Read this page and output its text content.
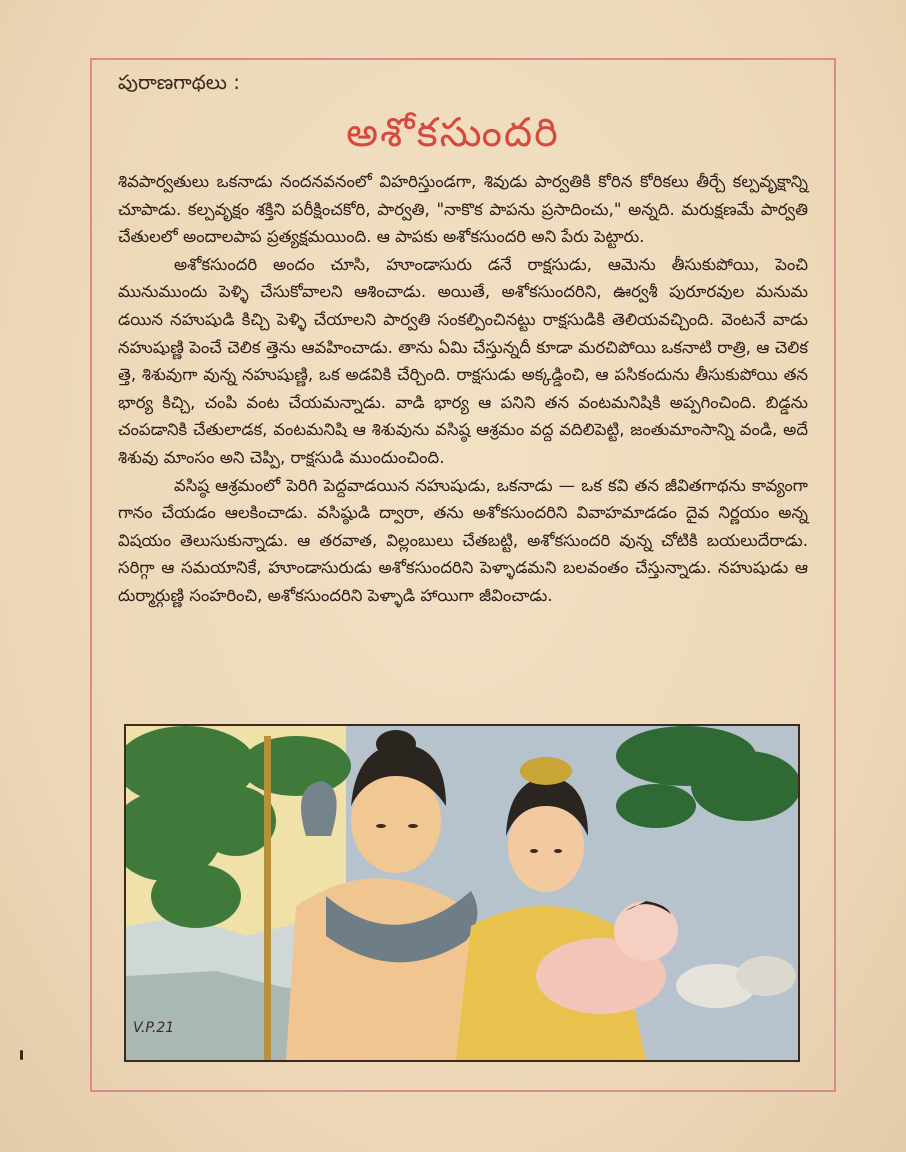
పురాణగాథలు :
అశోకసుందరి

శివపార్వతులు ఒకనాడు నందనవనంలో విహరిస్తుండగా, శివుడు పార్వతికి కోరిన కోరికలు తీర్చే కల్పవృక్షాన్ని చూపాడు. కల్పవృక్షం శక్తిని పరీక్షించకోరి, పార్వతి, "నాకొక పాపను ప్రసాదించు," అన్నది. మరుక్షణమే పార్వతి చేతులలో అందాలపాప ప్రత్యక్షమయింది. ఆ పాపకు అశోకసుందరి అని పేరు పెట్టారు.

అశోకసుందరి అందం చూసి, హూండాసురు డనే రాక్షసుడు, ఆమెను తీసుకుపోయి, పెంచి మునుముందు పెళ్ళి చేసుకోవాలని ఆశించాడు. అయితే, అశోకసుందరిని, ఊర్వశీ పురూరవుల మనుమ డయిన నహుషుడి కిచ్చి పెళ్ళి చేయాలని పార్వతి సంకల్పించినట్టు రాక్షసుడికి తెలియవచ్చింది. వెంటనే వాడు నహుషుణ్ణి పెంచే చెలిక త్తెను ఆవహించాడు. తాను ఏమి చేస్తున్నదీ కూడా మరచిపోయి ఒకనాటి రాత్రి, ఆ చెలిక త్తె, శిశువుగా వున్న నహుషుణ్ణి, ఒక అడవికి చేర్చింది. రాక్షసుడు అక్కడ్డించి, ఆ పసికందును తీసుకుపోయి తన భార్య కిచ్చి, చంపి వంట చేయమన్నాడు. వాడి భార్య ఆ పనిని తన వంటమనిషికి అప్పగించింది. బిడ్డను చంపడానికి చేతులాడక, వంటమనిషి ఆ శిశువును వసిష్ఠ ఆశ్రమం వద్ద వదిలిపెట్టి, జంతుమాంసాన్ని వండి, అదే శిశువు మాంసం అని చెప్పి, రాక్షసుడి ముందుంచింది.

వసిష్ఠ ఆశ్రమంలో పెరిగి పెద్దవాడయిన నహుషుడు, ఒకనాడు — ఒక కవి తన జీవితగాథను కావ్యంగా గానం చేయడం ఆలకించాడు. వసిష్ఠుడి ద్వారా, తను అశోకసుందరిని వివాహమాడడం దైవ నిర్ణయం అన్న విషయం తెలుసుకున్నాడు. ఆ తరవాత, విల్లంబులు చేతబట్టి, అశోకసుందరి వున్న చోటికి బయలుదేరాడు. సరిగ్గా ఆ సమయానికే, హూండాసురుడు అశోకసుందరిని పెళ్ళాడమని బలవంతం చేస్తున్నాడు. నహుషుడు ఆ దుర్మార్గుణ్ణి సంహరించి, అశోకసుందరిని పెళ్ళాడి హాయిగా జీవించాడు.

V.P.21
